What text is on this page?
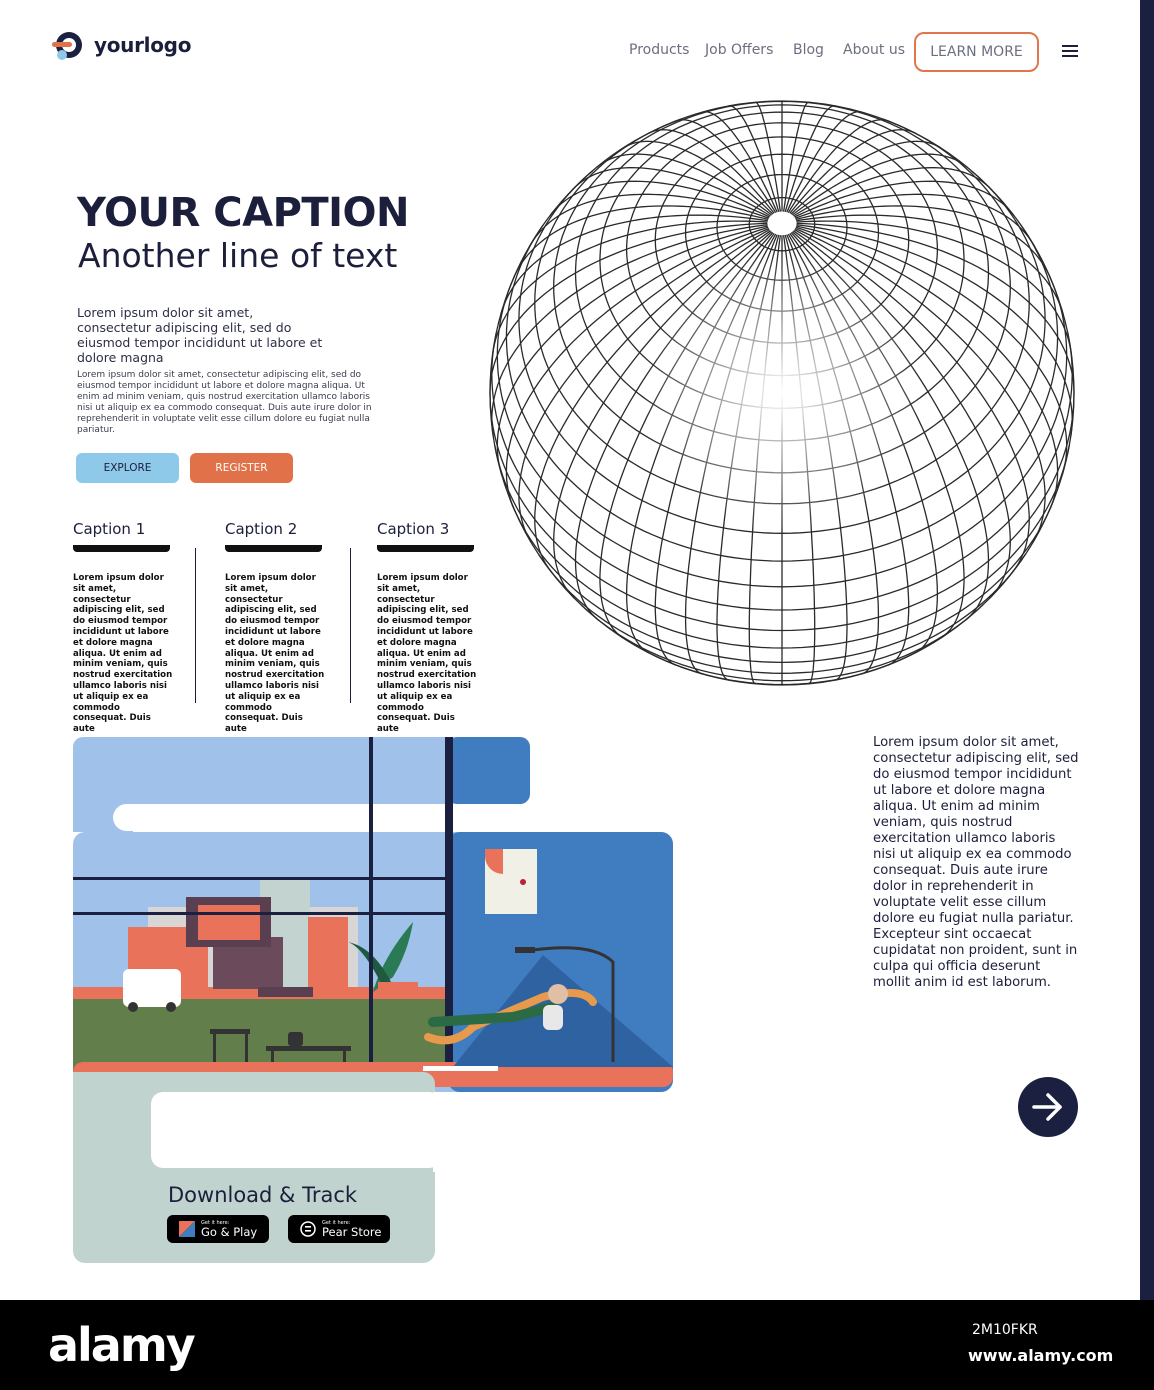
yourlogo	Products Job Offers Blog About us	LEARN MORE
YOUR CAPTION
Another line of text

Lorem ipsum dolor sit amet, consectetur adipiscing elit, sed do eiusmod tempor incididunt ut labore et dolore magna

Lorem ipsum dolor sit amet, consectetur adipiscing elit, sed do eiusmod tempor incididunt ut labore et dolore magna aliqua. Ut enim ad minim veniam, quis nostrud exercitation ullamco laboris nisi ut aliquip ex ea commodo consequat. Duis aute irure dolor in reprehenderit in voluptate velit esse cillum dolore eu fugiat nulla pariatur.

EXPLORE	REGISTER
Caption 1

Lorem ipsum dolor sit amet, consectetur adipiscing elit, sed do eiusmod tempor incididunt ut labore et dolore magna aliqua. Ut enim ad minim veniam, quis nostrud exercitation ullamco laboris nisi ut aliquip ex ea commodo consequat. Duis aute

Caption 2

Lorem ipsum dolor sit amet, consectetur adipiscing elit, sed do eiusmod tempor incididunt ut labore et dolore magna aliqua. Ut enim ad minim veniam, quis nostrud exercitation ullamco laboris nisi ut aliquip ex ea commodo consequat. Duis aute

Caption 3

Lorem ipsum dolor sit amet, consectetur adipiscing elit, sed do eiusmod tempor incididunt ut labore et dolore magna aliqua. Ut enim ad minim veniam, quis nostrud exercitation ullamco laboris nisi ut aliquip ex ea commodo consequat. Duis aute

Download & Track
Get it here:
Go & Play
Get it here:
Pear Store

Lorem ipsum dolor sit amet, consectetur adipiscing elit, sed do eiusmod tempor incididunt ut labore et dolore magna aliqua. Ut enim ad minim veniam, quis nostrud exercitation ullamco laboris nisi ut aliquip ex ea commodo consequat. Duis aute irure dolor in reprehenderit in voluptate velit esse cillum dolore eu fugiat nulla pariatur. Excepteur sint occaecat cupidatat non proident, sunt in culpa qui officia deserunt mollit anim id est laborum.

alamy	2M10FKR
www.alamy.com
